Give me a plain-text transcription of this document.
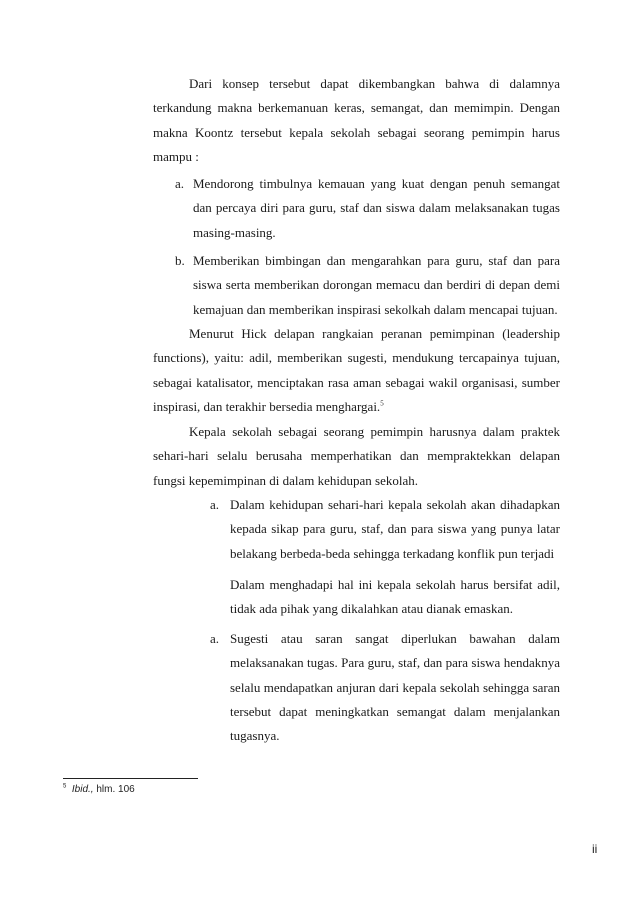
Dari konsep tersebut dapat dikembangkan bahwa di dalamnya terkandung makna berkemanuan keras, semangat, dan memimpin. Dengan makna Koontz tersebut kepala sekolah sebagai seorang pemimpin harus mampu :

a. Mendorong timbulnya kemauan yang kuat dengan penuh semangat dan percaya diri para guru, staf dan siswa dalam melaksanakan tugas masing-masing.

b. Memberikan bimbingan dan mengarahkan para guru, staf dan para siswa serta memberikan dorongan memacu dan berdiri di depan demi kemajuan dan memberikan inspirasi sekolkah dalam mencapai tujuan.

Menurut Hick delapan rangkaian peranan pemimpinan (leadership functions), yaitu: adil, memberikan sugesti, mendukung tercapainya tujuan, sebagai katalisator, menciptakan rasa aman sebagai wakil organisasi, sumber inspirasi, dan terakhir bersedia menghargai.$^5$

Kepala sekolah sebagai seorang pemimpin harusnya dalam praktek sehari-hari selalu berusaha memperhatikan dan mempraktekkan delapan fungsi kepemimpinan di dalam kehidupan sekolah.

a. Dalam kehidupan sehari-hari kepala sekolah akan dihadapkan kepada sikap para guru, staf, dan para siswa yang punya latar belakang berbeda-beda sehingga terkadang konflik pun terjadi

Dalam menghadapi hal ini kepala sekolah harus bersifat adil, tidak ada pihak yang dikalahkan atau dianak emaskan.

a. Sugesti atau saran sangat diperlukan bawahan dalam melaksanakan tugas. Para guru, staf, dan para siswa hendaknya selalu mendapatkan anjuran dari kepala sekolah sehingga saran tersebut dapat meningkatkan semangat dalam menjalankan tugasnya.

$^5$ Ibid., hlm. 106
ii
